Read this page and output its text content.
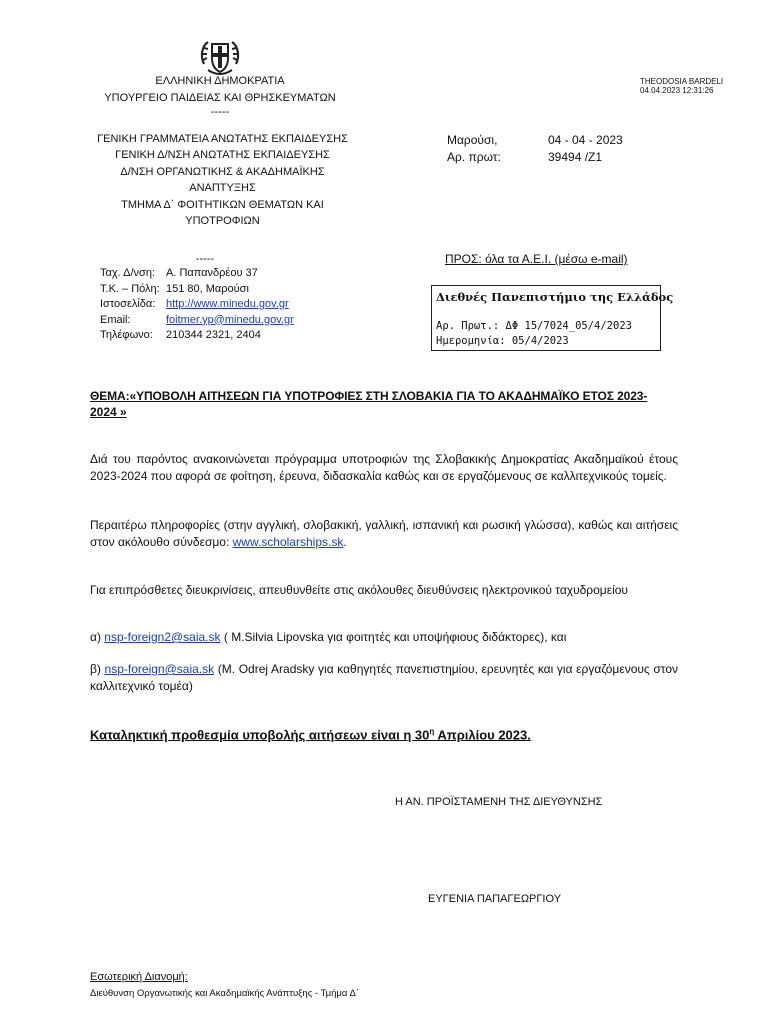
ΕΛΛΗΝΙΚΗ ΔΗΜΟΚΡΑΤΙΑ
ΥΠΟΥΡΓΕΙΟ ΠΑΙΔΕΙΑΣ ΚΑΙ ΘΡΗΣΚΕΥΜΑΤΩΝ
-----
THEODOSIA BARDELI
04.04.2023 12:31:26
ΓΕΝΙΚΗ ΓΡΑΜΜΑΤΕΙΑ ΑΝΩΤΑΤΗΣ ΕΚΠΑΙΔΕΥΣΗΣ
ΓΕΝΙΚΗ Δ/ΝΣΗ ΑΝΩΤΑΤΗΣ ΕΚΠΑΙΔΕΥΣΗΣ
Δ/ΝΣΗ ΟΡΓΑΝΩΤΙΚΗΣ & ΑΚΑΔΗΜΑΪΚΗΣ
ΑΝΑΠΤΥΞΗΣ
ΤΜΗΜΑ Δ΄ ΦΟΙΤΗΤΙΚΩΝ ΘΕΜΑΤΩΝ ΚΑΙ
ΥΠΟΤΡΟΦΙΩΝ
Μαρούσι,	04 - 04 - 2023
Αρ. πρωτ:	39494 /Ζ1
-----
Ταχ. Δ/νση: Α. Παπανδρέου 37
Τ.Κ. – Πόλη: 151 80, Μαρούσι
Ιστοσελίδα: http://www.minedu.gov.gr
Email:	foitmer.yp@minedu.gov.gr
Τηλέφωνο: 210344 2321, 2404
ΠΡΟΣ: όλα τα Α.Ε.Ι. (μέσω e-mail)
Διεθνές Πανεπιστήμιο της Ελλάδος
Αρ. Πρωτ.: ΔΦ 15/7024_05/4/2023
Ημερομηνία: 05/4/2023
ΘΕΜΑ:«ΥΠΟΒΟΛΗ ΑΙΤΗΣΕΩΝ ΓΙΑ ΥΠΟΤΡΟΦΙΕΣ ΣΤΗ ΣΛΟΒΑΚΙΑ ΓΙΑ ΤΟ ΑΚΑΔΗΜΑΪΚΟ ΕΤΟΣ 2023-
2024 »
Διά του παρόντος ανακοινώνεται πρόγραμμα υποτροφιών της Σλοβακικής Δημοκρατίας Ακαδημαϊκού έτους 2023-2024 που αφορά σε φοίτηση, έρευνα, διδασκαλία καθώς και σε εργαζόμενους σε καλλιτεχνικούς τομείς.
Περαιτέρω πληροφορίες (στην αγγλική, σλοβακική, γαλλική, ισπανική και ρωσική γλώσσα), καθώς και αιτήσεις στον ακόλουθο σύνδεσμο: www.scholarships.sk.
Για επιπρόσθετες διευκρινίσεις, απευθυνθείτε στις ακόλουθες διευθύνσεις ηλεκτρονικού ταχυδρομείου
α) nsp-foreign2@saia.sk ( M.Silvia Lipovska για φοιτητές και υποψήφιους διδάκτορες), και
β) nsp-foreign@saia.sk (M. Odrej Aradsky για καθηγητές πανεπιστημίου, ερευνητές και για εργαζόμενους στον καλλιτεχνικό τομέα)
Καταληκτική προθεσμία υποβολής αιτήσεων είναι η $30^\eta$ Απριλίου 2023.
Η ΑΝ. ΠΡΟΪΣΤΑΜΕΝΗ ΤΗΣ ΔΙΕΥΘΥΝΣΗΣ
ΕΥΓΕΝΙΑ ΠΑΠΑΓΕΩΡΓΙΟΥ
Εσωτερική Διανομή:
Διεύθυνση Οργανωτικής και Ακαδημαϊκής Ανάπτυξης - Τμήμα Δ΄
